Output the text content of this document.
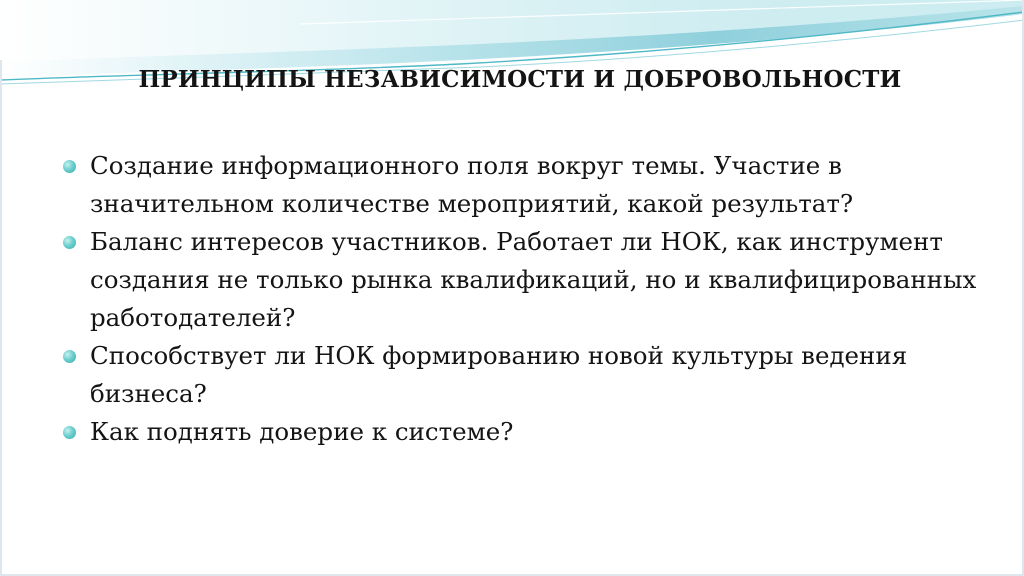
ПРИНЦИПЫ НЕЗАВИСИМОСТИ И ДОБРОВОЛЬНОСТИ
Создание информационного поля вокруг темы. Участие в значительном количестве мероприятий, какой результат?
Баланс интересов участников. Работает ли НОК, как инструмент создания не только рынка квалификаций, но и квалифицированных работодателей?
Способствует ли НОК формированию новой культуры ведения бизнеса?
Как поднять доверие к системе?
